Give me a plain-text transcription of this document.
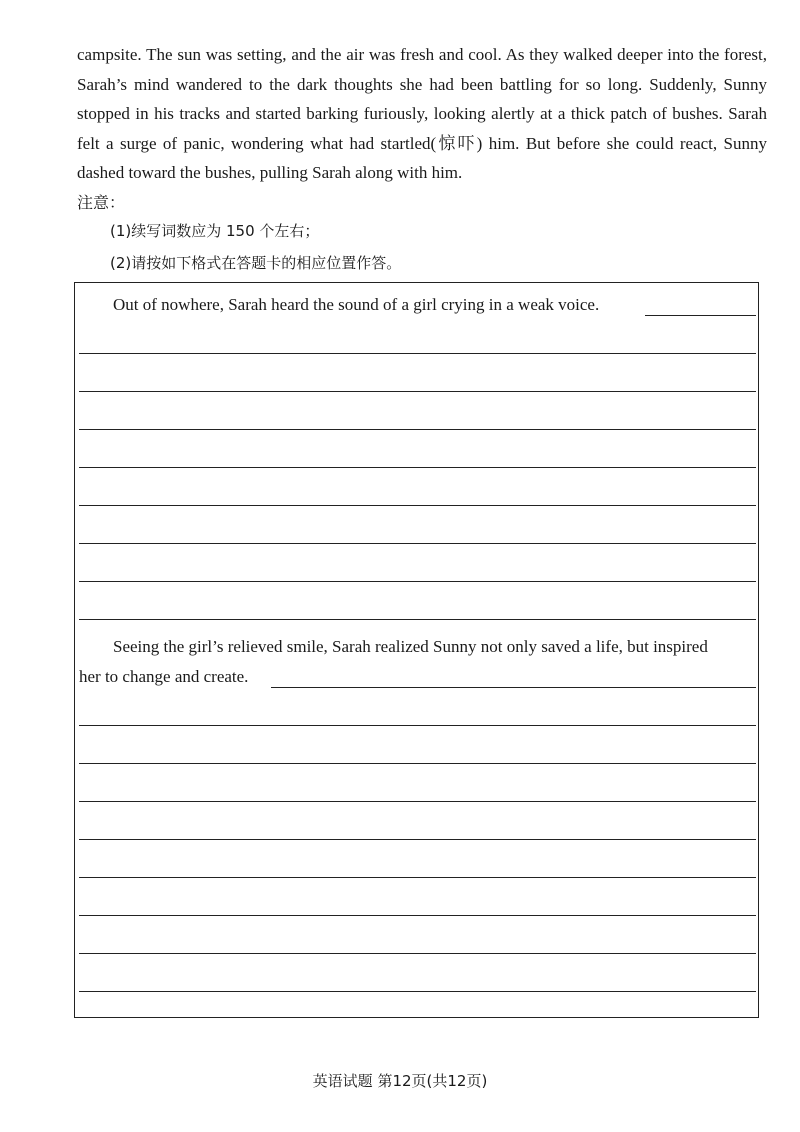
campsite. The sun was setting, and the air was fresh and cool. As they walked deeper into the forest, Sarah’s mind wandered to the dark thoughts she had been battling for so long. Suddenly, Sunny stopped in his tracks and started barking furiously, looking alertly at a thick patch of bushes. Sarah felt a surge of panic, wondering what had startled(惊吓) him. But before she could react, Sunny dashed toward the bushes, pulling Sarah along with him.

注意：
(1)续写词数应为 150 个左右；
(2)请按如下格式在答题卡的相应位置作答。
Out of nowhere, Sarah heard the sound of a girl crying in a weak voice.
Seeing the girl’s relieved smile, Sarah realized Sunny not only saved a life, but inspired
her to change and create.
英语试题 第12页(共12页)
